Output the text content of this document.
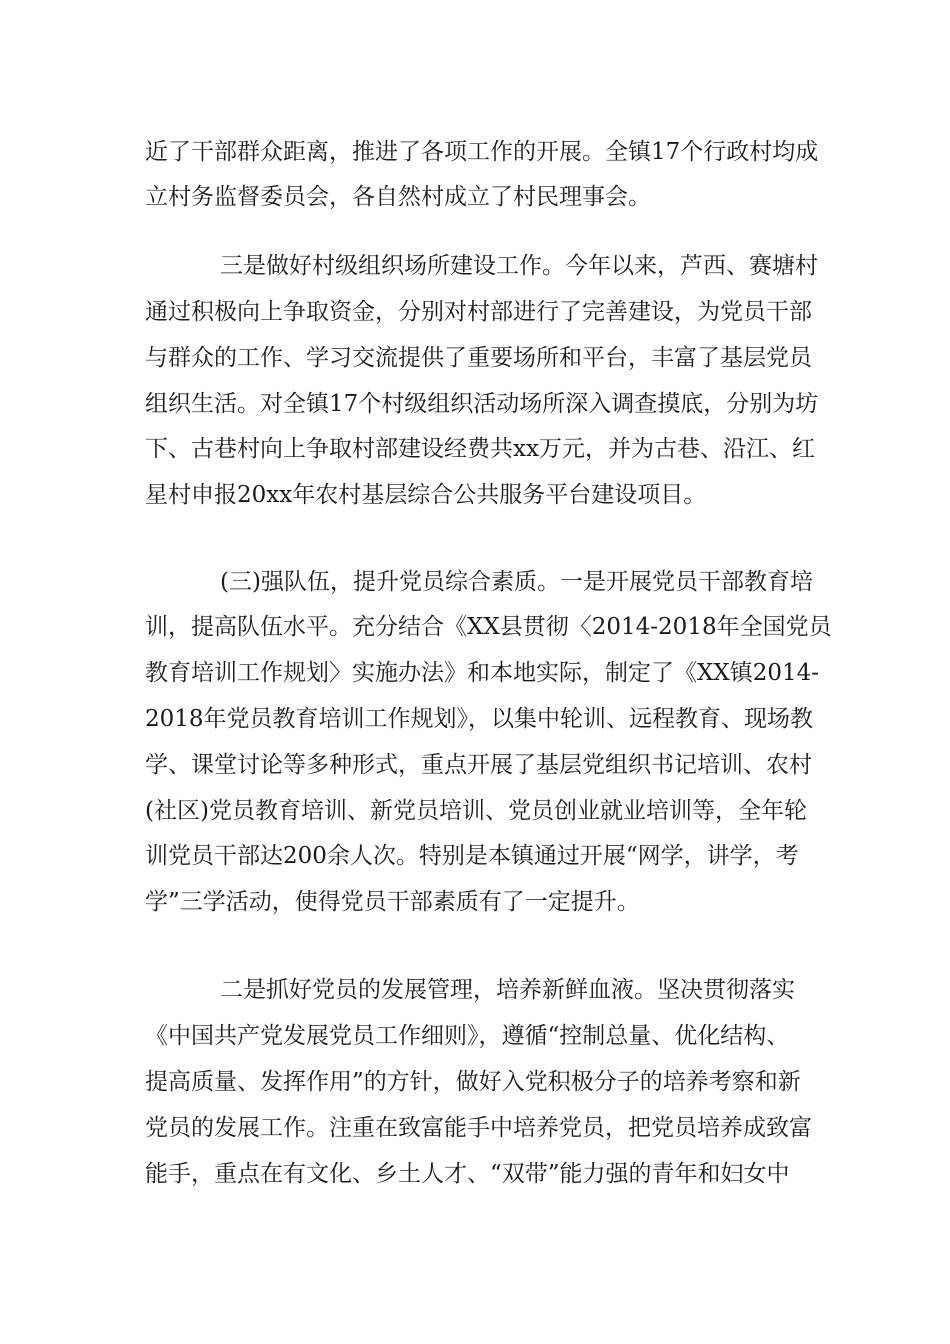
近了干部群众距离，推进了各项工作的开展。全镇17个行政村均成
立村务监督委员会，各自然村成立了村民理事会。
三是做好村级组织场所建设工作。今年以来，芦西、赛塘村
通过积极向上争取资金，分别对村部进行了完善建设，为党员干部
与群众的工作、学习交流提供了重要场所和平台，丰富了基层党员
组织生活。对全镇17个村级组织活动场所深入调查摸底，分别为坊
下、古巷村向上争取村部建设经费共xx万元，并为古巷、沿江、红
星村申报20xx年农村基层综合公共服务平台建设项目。
(三)强队伍，提升党员综合素质。一是开展党员干部教育培
训，提高队伍水平。充分结合《XX县贯彻〈2014-2018年全国党员
教育培训工作规划〉实施办法》和本地实际，制定了《XX镇2014-
2018年党员教育培训工作规划》，以集中轮训、远程教育、现场教
学、课堂讨论等多种形式，重点开展了基层党组织书记培训、农村
(社区)党员教育培训、新党员培训、党员创业就业培训等，全年轮
训党员干部达200余人次。特别是本镇通过开展“网学，讲学，考
学”三学活动，使得党员干部素质有了一定提升。
二是抓好党员的发展管理，培养新鲜血液。坚决贯彻落实
《中国共产党发展党员工作细则》，遵循“控制总量、优化结构、
提高质量、发挥作用”的方针，做好入党积极分子的培养考察和新
党员的发展工作。注重在致富能手中培养党员，把党员培养成致富
能手，重点在有文化、乡土人才、“双带”能力强的青年和妇女中
